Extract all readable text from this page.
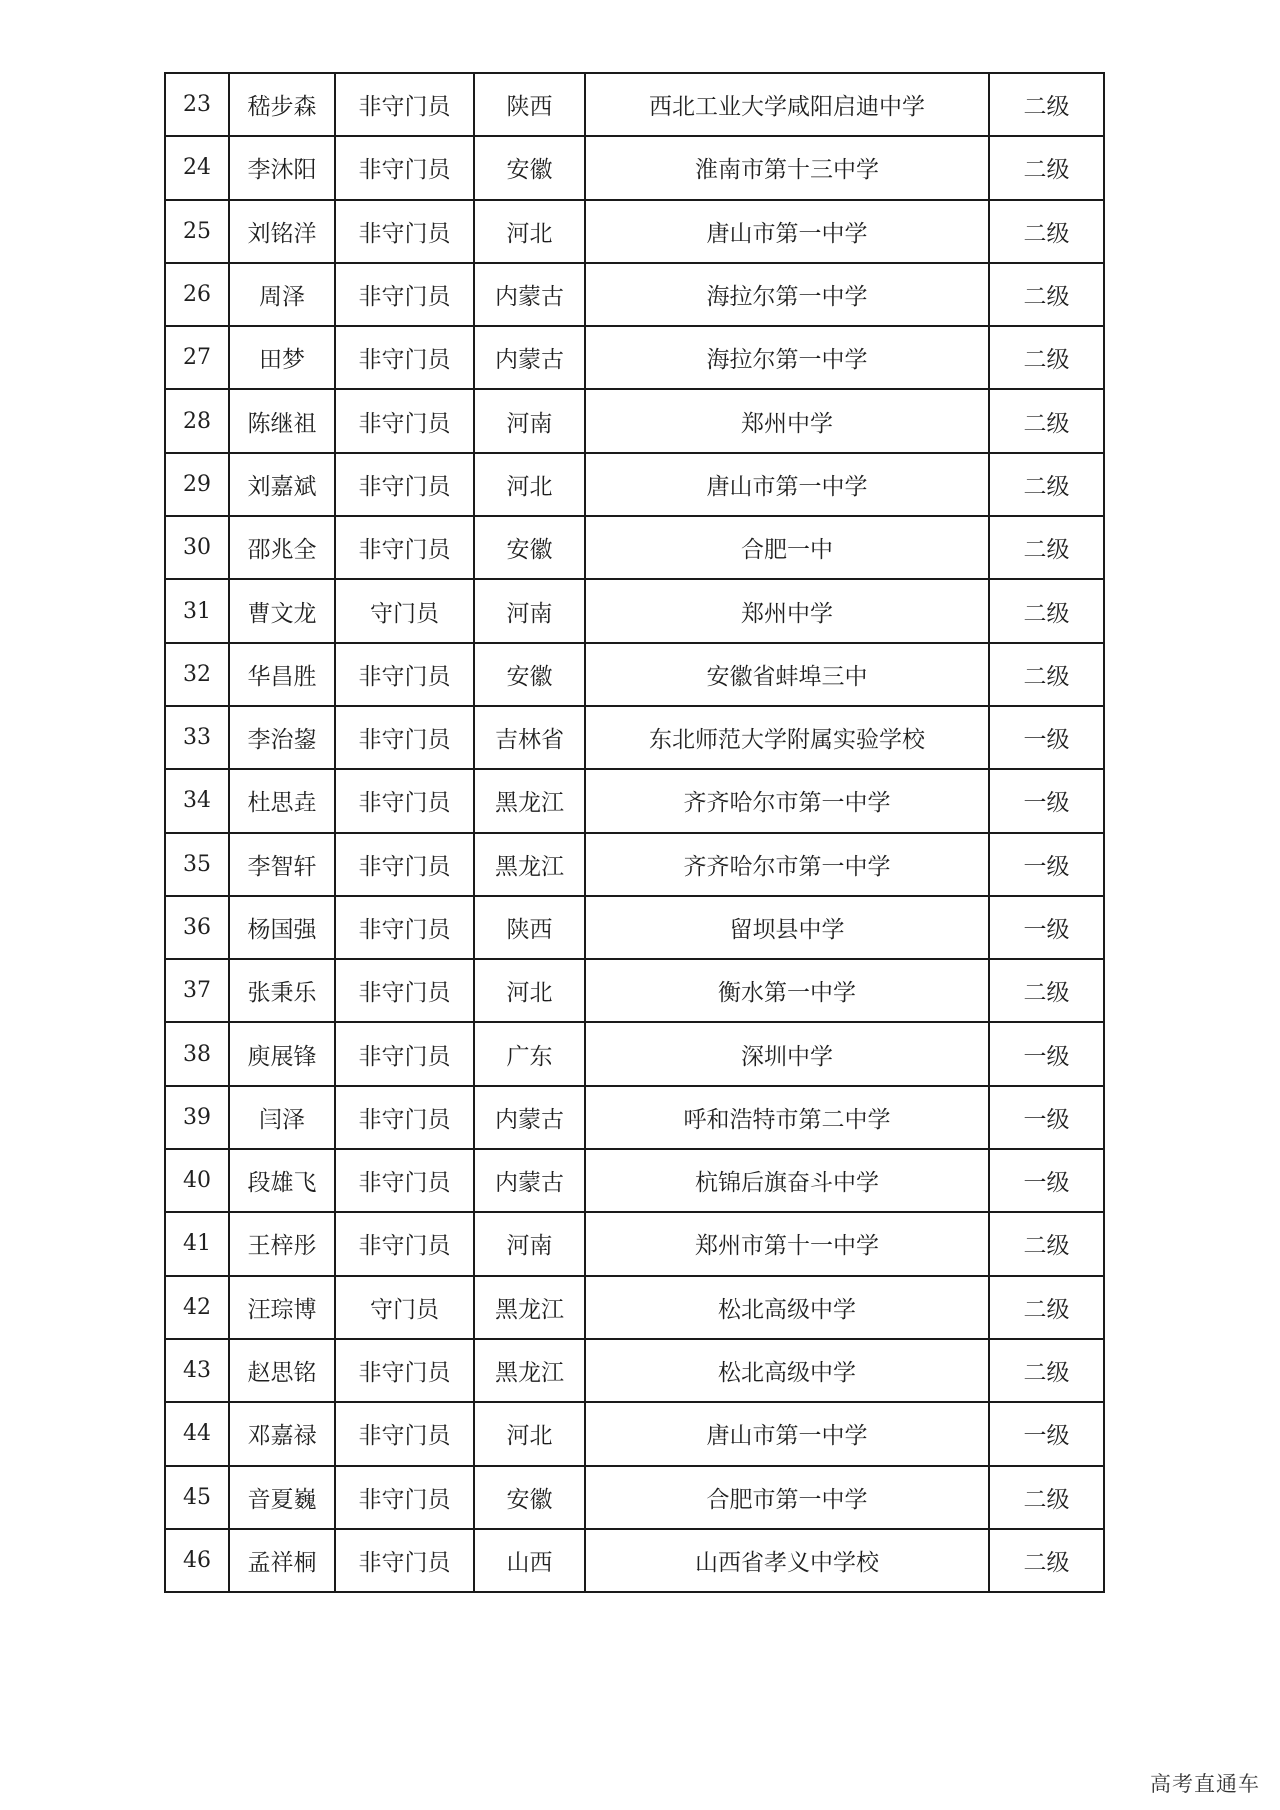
23	嵇步森	非守门员	陕西	西北工业大学咸阳启迪中学	二级
24	李沐阳	非守门员	安徽	淮南市第十三中学	二级
25	刘铭洋	非守门员	河北	唐山市第一中学	二级
26	周泽	非守门员	内蒙古	海拉尔第一中学	二级
27	田梦	非守门员	内蒙古	海拉尔第一中学	二级
28	陈继祖	非守门员	河南	郑州中学	二级
29	刘嘉斌	非守门员	河北	唐山市第一中学	二级
30	邵兆全	非守门员	安徽	合肥一中	二级
31	曹文龙	守门员	河南	郑州中学	二级
32	华昌胜	非守门员	安徽	安徽省蚌埠三中	二级
33	李治鋆	非守门员	吉林省	东北师范大学附属实验学校	一级
34	杜思垚	非守门员	黑龙江	齐齐哈尔市第一中学	一级
35	李智轩	非守门员	黑龙江	齐齐哈尔市第一中学	一级
36	杨国强	非守门员	陕西	留坝县中学	一级
37	张秉乐	非守门员	河北	衡水第一中学	二级
38	庾展锋	非守门员	广东	深圳中学	一级
39	闫泽	非守门员	内蒙古	呼和浩特市第二中学	一级
40	段雄飞	非守门员	内蒙古	杭锦后旗奋斗中学	一级
41	王梓彤	非守门员	河南	郑州市第十一中学	二级
42	汪琮博	守门员	黑龙江	松北高级中学	二级
43	赵思铭	非守门员	黑龙江	松北高级中学	二级
44	邓嘉禄	非守门员	河北	唐山市第一中学	一级
45	音夏巍	非守门员	安徽	合肥市第一中学	二级
46	孟祥桐	非守门员	山西	山西省孝义中学校	二级
高考直通车
